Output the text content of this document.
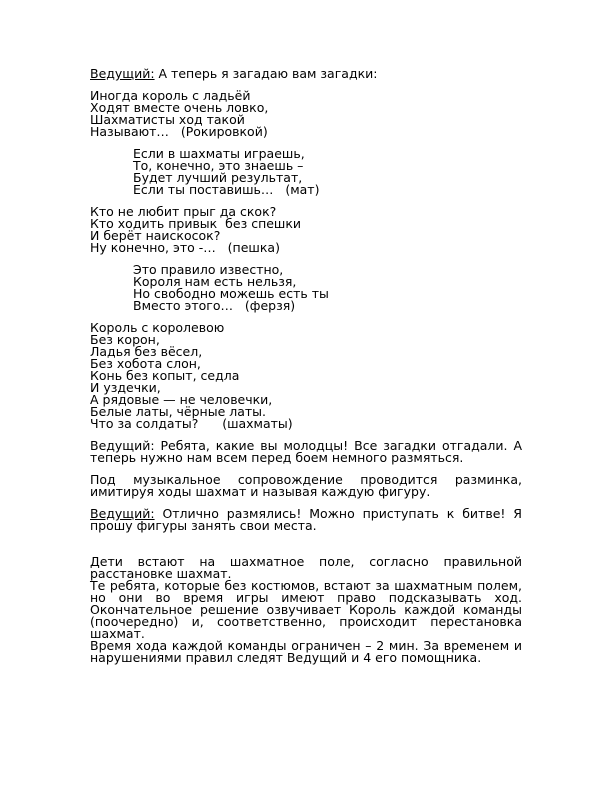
Ведущий: А теперь я загадаю вам загадки:
Иногда король с ладьёй
Ходят вместе очень ловко,
Шахматисты ход такой
Называют…   (Рокировкой)
Если в шахматы играешь,
То, конечно, это знаешь –
Будет лучший результат,
Если ты поставишь…   (мат)
Кто не любит прыг да скок?
Кто ходить привык  без спешки
И берёт наискосок?
Ну конечно, это -…   (пешка)
Это правило известно,
Короля нам есть нельзя,
Но свободно можешь есть ты
Вместо этого…   (ферзя)
Король с королевою
Без корон,
Ладья без вёсел,
Без хобота слон,
Конь без копыт, седла
И уздечки,
А рядовые — не человечки,
Белые латы, чёрные латы.
Что за солдаты?      (шахматы)
Ведущий: Ребята, какие вы молодцы! Все загадки отгадали. А теперь нужно нам всем перед боем немного размяться.
Под музыкальное сопровождение проводится разминка, имитируя ходы шахмат и называя каждую фигуру.
Ведущий: Отлично размялись! Можно приступать к битве! Я прошу фигуры занять свои места.
Дети встают на шахматное поле, согласно правильной расстановке шахмат.
Те ребята, которые без костюмов, встают за шахматным полем, но они во время игры имеют право подсказывать ход. Окончательное решение озвучивает Король каждой команды (поочередно) и, соответственно, происходит перестановка шахмат.
Время хода каждой команды ограничен – 2 мин. За временем и нарушениями правил следят Ведущий и 4 его помощника.
